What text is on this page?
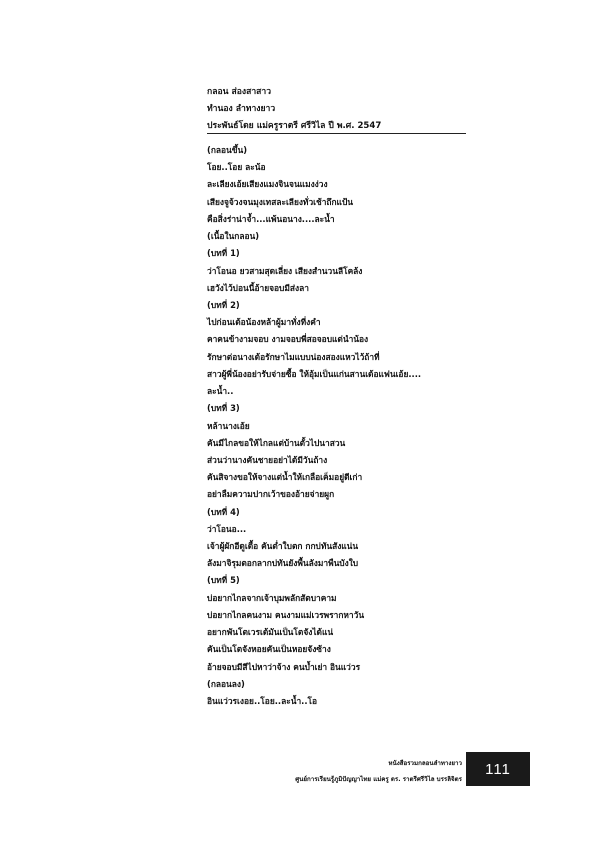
กลอน ส่องสาสาว
ทำนอง ลำทางยาว
ประพันธ์โดย แม่ครูราตรี ศรีวิไล ปี พ.ศ. 2547
(กลอนขึ้น)
โอย..โอย ละน้อ
ละเลียงเอ้ยเสียงแมงจินจนแมงง่วง
เสียงจูจ้วงจนมุงเทสละเลียงทั่วเช้าถึกแป้น
คือสิ่งร่าน่าจ้ำ...แพ้นอนาง....ละน้ำ
(เนื้อในกลอน)
(บทที่ 1)
ว่าโอนอ ยวสามสุดเลี่ยง เสียงสำนวนลีโคล้ง
เฮวังไว้บ่อนนี้อ้ายจอบมีส่งลา
(บทที่ 2)
ไปก่อนเด้อน้องหล้าผู้มาทั่งที่งคำ
คาคนข้างามจอบ งามจอบพี่สอจอบแต่นำน้อง
รักษาต่อนางเด้อรักษาไมแบบน่องสองแหวไว้ถ้าที่
สาวผู้พี่น้องอย่ารับจ่ายซื้อ ให้อุ้มเป็นแก่นสานเด้อแฟนเอ้ย....
ละน้ำ..
(บทที่ 3)
หล้านางเอ้ย
คันมีไกลขอให้ไกลแต่บ้านตั้วไปนาสวน
ส่วนว่านางคันชายอย่าได้มีวันถ้าง
คันสิจางขอให้จางแต่น้ำให้เกลือเค็มอยู่ดีเก่า
อย่าลืมความปากเว้าของอ้ายจ่ายผูก
(บทที่ 4)
ว่าโอนอ...
เจ้าผู้ผักอีดูเดื้อ คันต่ำใบตก กกบ่ทันสังแน่น
ลังมาจิรุมตอกลากบ่ทันยังพื้นลังมาพืนบังใบ
(บทที่ 5)
บ่อยากไกลจากเจ้าบุมพลักสัตบาคาม
บ่อยากไกลคนงาม คนงามแม่เวรพรากหาวัน
อยากพันโตเวรเด้มันเป็นโตจังได้แน่
คันเป็นโตจังหอยคันเป็นหอยจังซ้าง
อ้ายจอบมีสีไปหาว่าจ้าง คนบ้ำเย่า อินแว่วร
(กลอนลง)
อินแว่วรเงอย..โอย..ละน้ำ..โอ
หนังสือรวมกลอนลำทางยาว
ศูนย์การเรียนรู้ภูมิปัญญาไทย แม่ครู ดร. ราตรีศรีวิไล บรรลิจิตร
111
